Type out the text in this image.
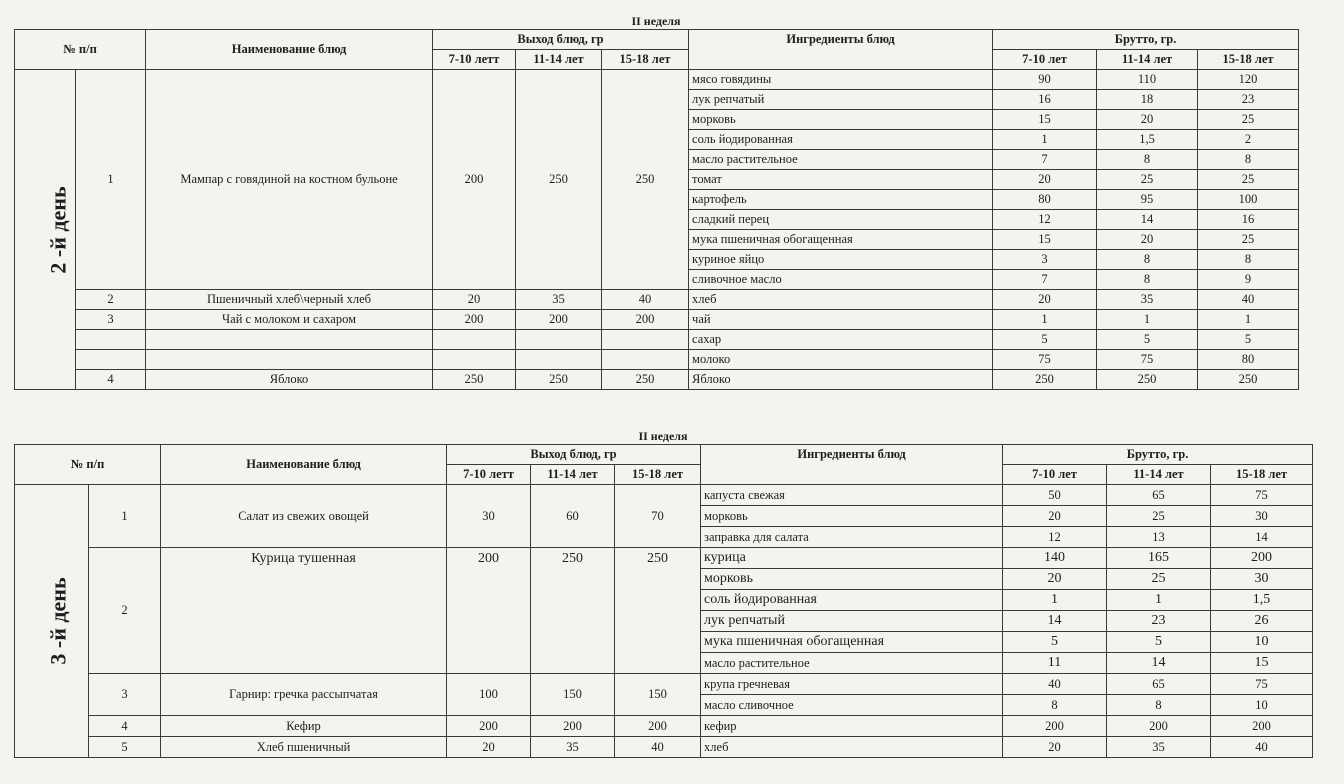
II неделя
№ п/п		Наименование блюд	Выход блюд, гр			Ингредиенты блюд	Брутто, гр.		
			7-10 летт	11-14 лет	15-18 лет		7-10 лет	11-14 лет	15-18 лет
2 -й день	1	Мампар с говядиной на костном бульоне	200	250	250	мясо говядины	90	110	120
						лук репчатый	16	18	23
						морковь	15	20	25
						соль йодированная	1	1,5	2
						масло растительное	7	8	8
						томат	20	25	25
						картофель	80	95	100
						сладкий перец	12	14	16
						мука пшеничная обогащенная	15	20	25
						куриное яйцо	3	8	8
						сливочное масло	7	8	9
	2	Пшеничный хлеб\черный хлеб	20	35	40	хлеб	20	35	40
	3	Чай с молоком и сахаром	200	200	200	чай	1	1	1
						сахар	5	5	5
						молоко	75	75	80
	4	Яблоко	250	250	250	Яблоко	250	250	250
II неделя
№ п/п		Наименование блюд	Выход блюд, гр			Ингредиенты блюд	Брутто, гр.		
			7-10 летт	11-14 лет	15-18 лет		7-10 лет	11-14 лет	15-18 лет
3 -й день	1	Салат из свежих овощей	30	60	70	капуста свежая	50	65	75
						морковь	20	25	30
						заправка для салата	12	13	14
	2	Курица тушенная	200	250	250	курица	140	165	200
						морковь	20	25	30
						соль йодированная	1	1	1,5
						лук репчатый	14	23	26
						мука пшеничная обогащенная	5	5	10
						масло растительное	11	14	15
	3	Гарнир: гречка рассыпчатая	100	150	150	крупа гречневая	40	65	75
						масло сливочное	8	8	10
	4	Кефир	200	200	200	кефир	200	200	200
	5	Хлеб пшеничный	20	35	40	хлеб	20	35	40
